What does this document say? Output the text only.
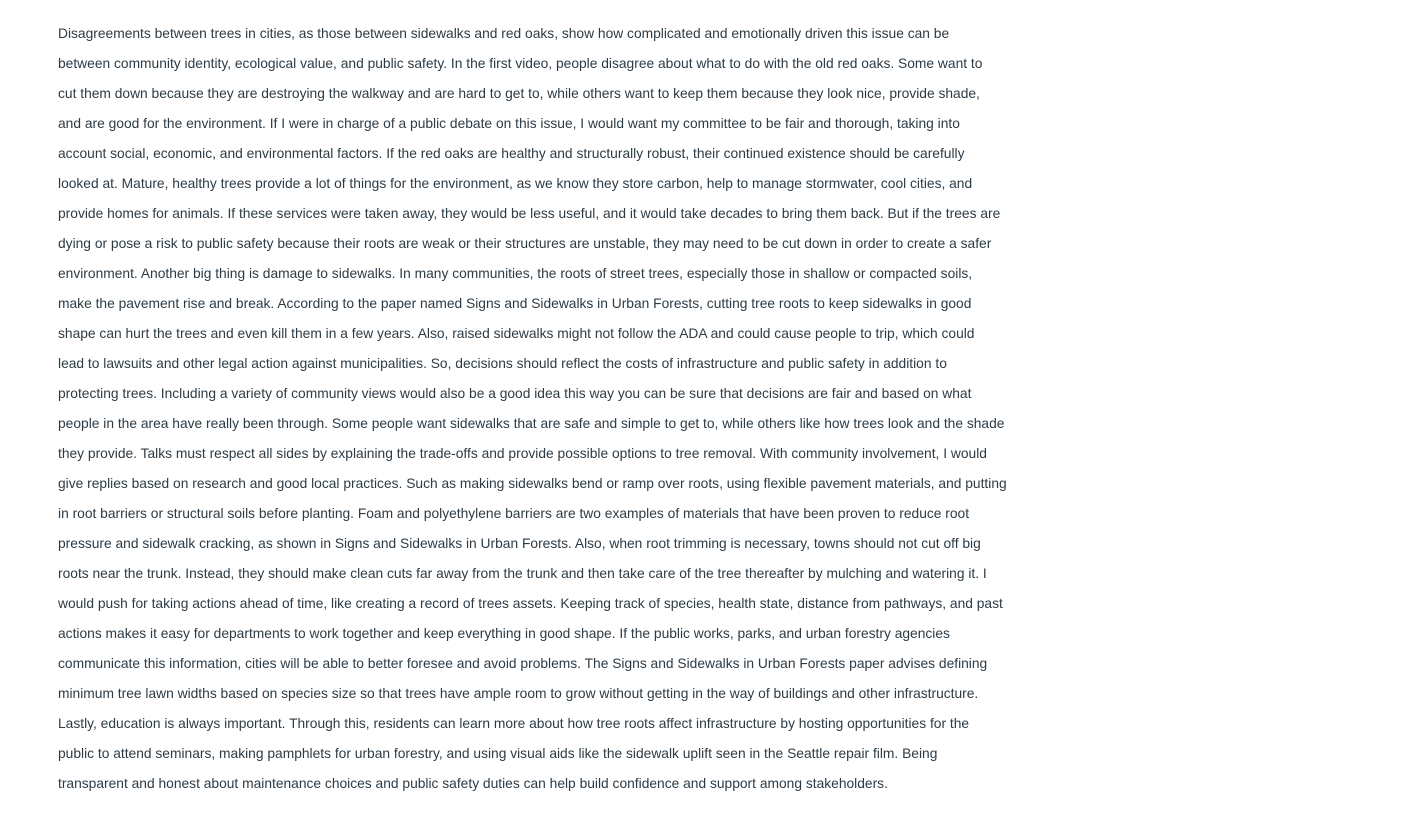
Disagreements between trees in cities, as those between sidewalks and red oaks, show how complicated and emotionally driven this issue can be
between community identity, ecological value, and public safety. In the first video, people disagree about what to do with the old red oaks. Some want to
cut them down because they are destroying the walkway and are hard to get to, while others want to keep them because they look nice, provide shade,
and are good for the environment. If I were in charge of a public debate on this issue, I would want my committee to be fair and thorough, taking into
account social, economic, and environmental factors. If the red oaks are healthy and structurally robust, their continued existence should be carefully
looked at. Mature, healthy trees provide a lot of things for the environment, as we know they store carbon, help to manage stormwater, cool cities, and
provide homes for animals. If these services were taken away, they would be less useful, and it would take decades to bring them back. But if the trees are
dying or pose a risk to public safety because their roots are weak or their structures are unstable, they may need to be cut down in order to create a safer
environment. Another big thing is damage to sidewalks. In many communities, the roots of street trees, especially those in shallow or compacted soils,
make the pavement rise and break. According to the paper named Signs and Sidewalks in Urban Forests, cutting tree roots to keep sidewalks in good
shape can hurt the trees and even kill them in a few years. Also, raised sidewalks might not follow the ADA and could cause people to trip, which could
lead to lawsuits and other legal action against municipalities. So, decisions should reflect the costs of infrastructure and public safety in addition to
protecting trees. Including a variety of community views would also be a good idea this way you can be sure that decisions are fair and based on what
people in the area have really been through. Some people want sidewalks that are safe and simple to get to, while others like how trees look and the shade
they provide. Talks must respect all sides by explaining the trade-offs and provide possible options to tree removal. With community involvement, I would
give replies based on research and good local practices. Such as making sidewalks bend or ramp over roots, using flexible pavement materials, and putting
in root barriers or structural soils before planting. Foam and polyethylene barriers are two examples of materials that have been proven to reduce root
pressure and sidewalk cracking, as shown in Signs and Sidewalks in Urban Forests. Also, when root trimming is necessary, towns should not cut off big
roots near the trunk. Instead, they should make clean cuts far away from the trunk and then take care of the tree thereafter by mulching and watering it. I
would push for taking actions ahead of time, like creating a record of trees assets. Keeping track of species, health state, distance from pathways, and past
actions makes it easy for departments to work together and keep everything in good shape. If the public works, parks, and urban forestry agencies
communicate this information, cities will be able to better foresee and avoid problems. The Signs and Sidewalks in Urban Forests paper advises defining
minimum tree lawn widths based on species size so that trees have ample room to grow without getting in the way of buildings and other infrastructure.
Lastly, education is always important. Through this, residents can learn more about how tree roots affect infrastructure by hosting opportunities for the
public to attend seminars, making pamphlets for urban forestry, and using visual aids like the sidewalk uplift seen in the Seattle repair film. Being
transparent and honest about maintenance choices and public safety duties can help build confidence and support among stakeholders.
